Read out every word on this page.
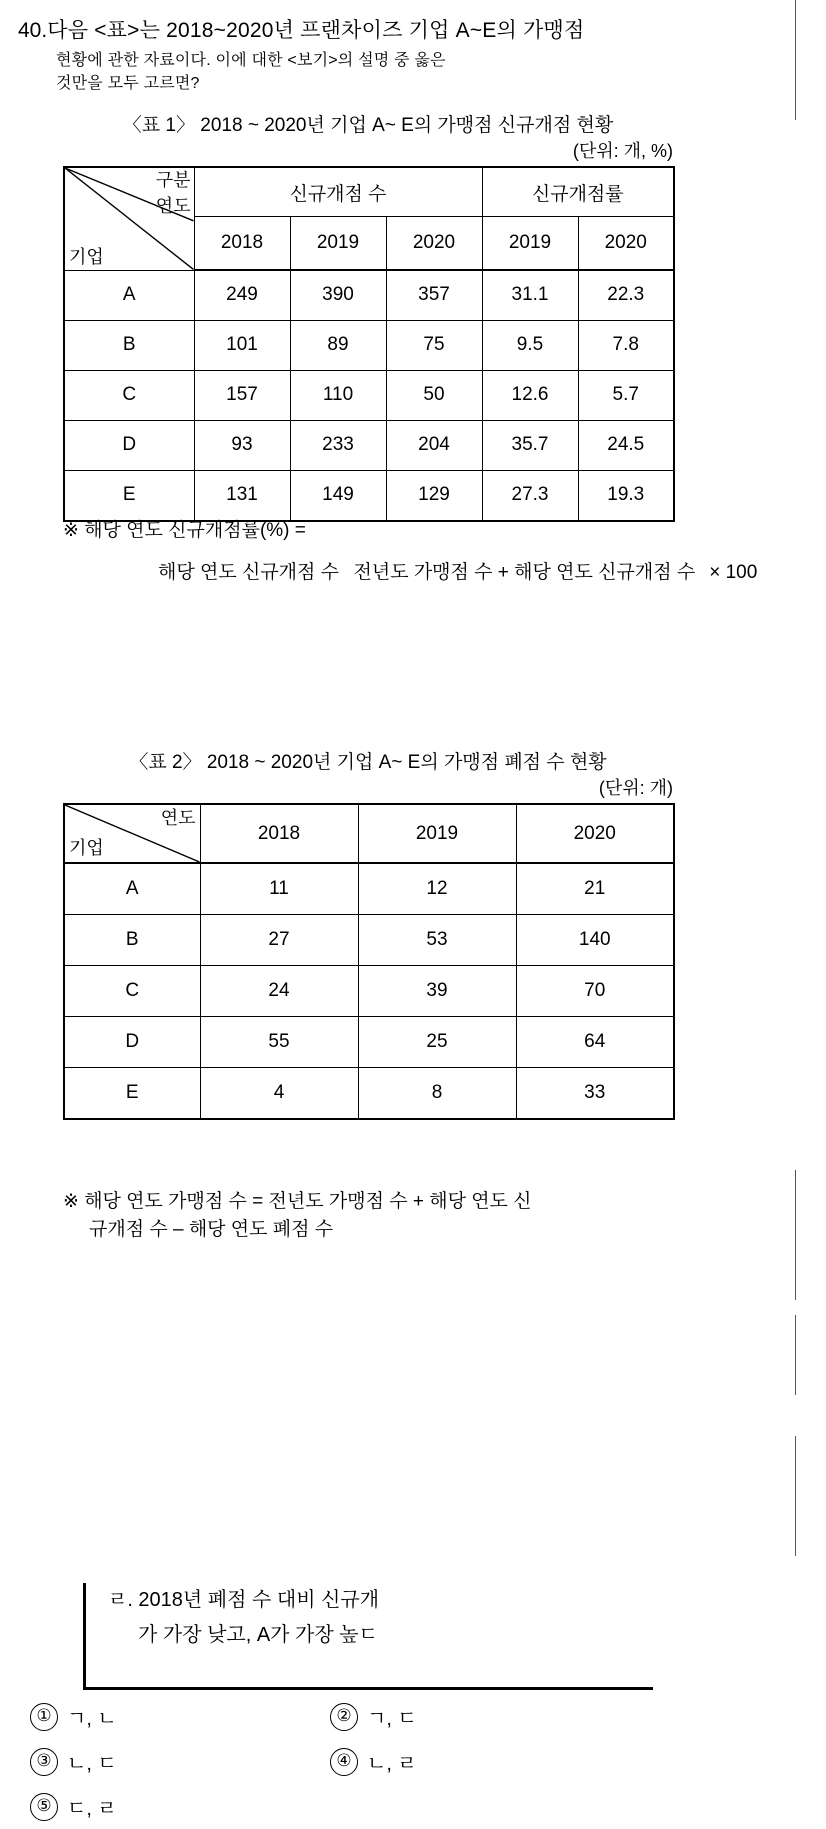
40. 다음 <표>는 2018~2020년 프랜차이즈 기업 A~E의 가맹점
현황에 관한 자료이다. 이에 대한 <보기>의 설명 중 옳은
것만을 모두 고르면?
〈표 1〉 2018 ~ 2020년 기업 A~ E의 가맹점 신규개점 현황
(단위: 개, %)
구분
연도
기업	신규개점 수			신규개점률	
	2018	2019	2020	2019	2020
A	249	390	357	31.1	22.3
B	101	89	75	9.5	7.8
C	157	110	50	12.6	5.7
D	93	233	204	35.7	24.5
E	131	149	129	27.3	19.3
※ 해당 연도 신규개점률(%) =
해당 연도 신규개점 수 전년도 가맹점 수 + 해당 연도 신규개점 수 × 100
〈표 2〉 2018 ~ 2020년 기업 A~ E의 가맹점 폐점 수 현황
(단위: 개)
연도
기업	2018	2019	2020
A	11	12	21
B	27	53	140
C	24	39	70
D	55	25	64
E	4	8	33
※ 해당 연도 가맹점 수 = 전년도 가맹점 수 + 해당 연도 신
규개점 수 – 해당 연도 폐점 수
ㄹ. 2018년 폐점 수 대비 신규개
가 가장 낮고, A가 가장 높ㄷ
① ㄱ, ㄴ	② ㄱ, ㄷ
③ ㄴ, ㄷ	④ ㄴ, ㄹ
⑤ ㄷ, ㄹ
